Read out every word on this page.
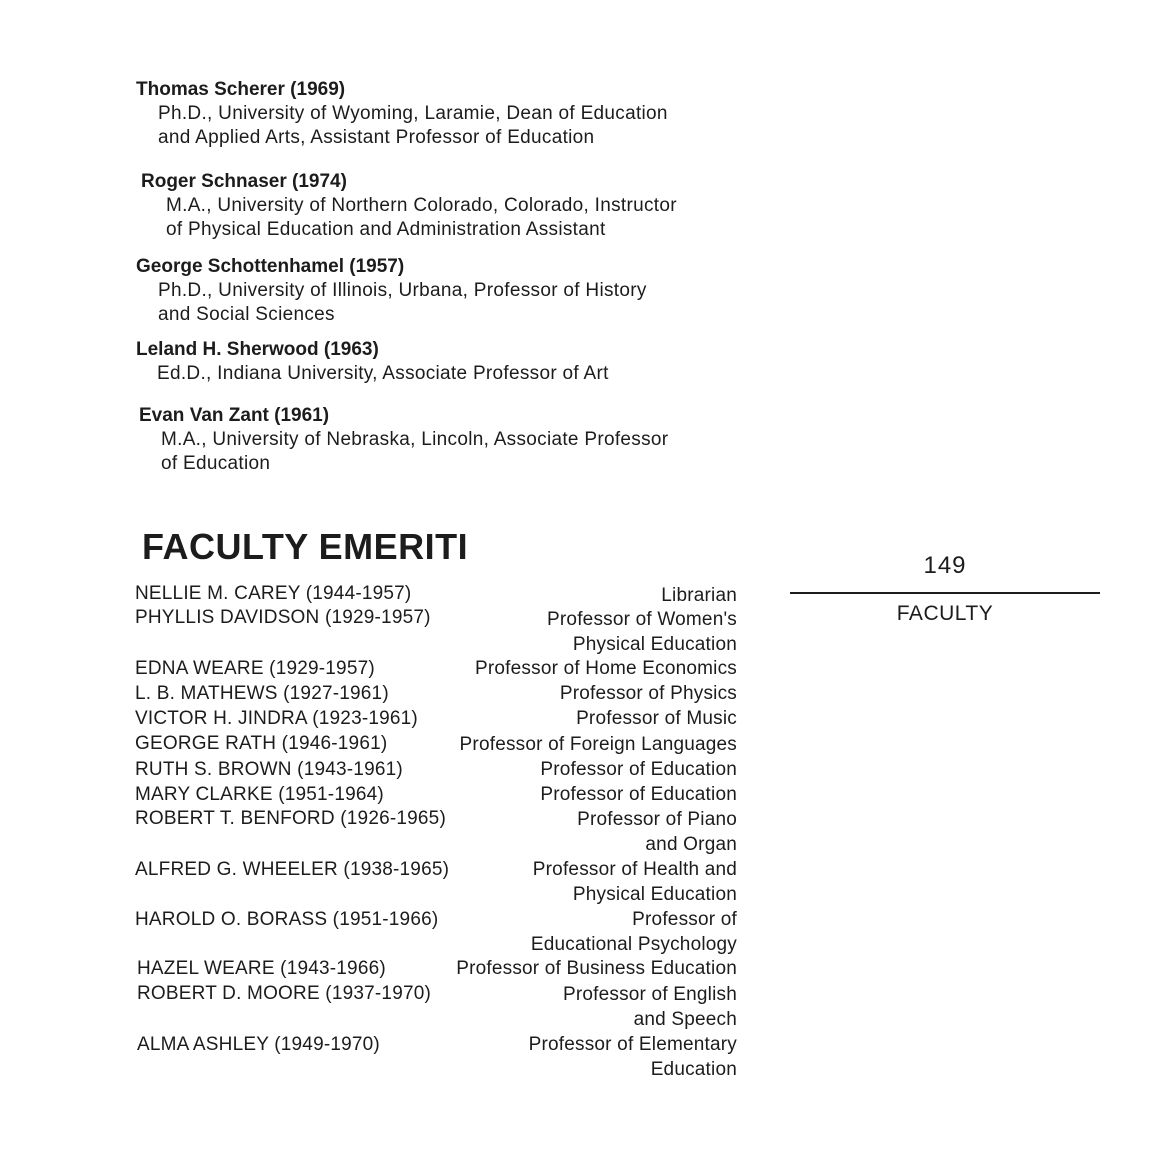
Thomas Scherer (1969)
Ph.D., University of Wyoming, Laramie, Dean of Education
and Applied Arts, Assistant Professor of Education
Roger Schnaser (1974)
M.A., University of Northern Colorado, Colorado, Instructor
of Physical Education and Administration Assistant
George Schottenhamel (1957)
Ph.D., University of Illinois, Urbana, Professor of History
and Social Sciences
Leland H. Sherwood (1963)
Ed.D., Indiana University, Associate Professor of Art
Evan Van Zant (1961)
M.A., University of Nebraska, Lincoln, Associate Professor
of Education
FACULTY EMERITI
NELLIE M. CAREY (1944-1957)	Librarian
PHYLLIS DAVIDSON (1929-1957)	Professor of Women's
Physical Education
EDNA WEARE (1929-1957)	Professor of Home Economics
L. B. MATHEWS (1927-1961)	Professor of Physics
VICTOR H. JINDRA (1923-1961)	Professor of Music
GEORGE RATH (1946-1961)	Professor of Foreign Languages
RUTH S. BROWN (1943-1961)	Professor of Education
MARY CLARKE (1951-1964)	Professor of Education
ROBERT T. BENFORD (1926-1965)	Professor of Piano
and Organ
ALFRED G. WHEELER (1938-1965)	Professor of Health and
Physical Education
HAROLD O. BORASS (1951-1966)	Professor of
Educational Psychology
HAZEL WEARE (1943-1966)	Professor of Business Education
ROBERT D. MOORE (1937-1970)	Professor of English
and Speech
ALMA ASHLEY (1949-1970)	Professor of Elementary
Education
149
FACULTY
